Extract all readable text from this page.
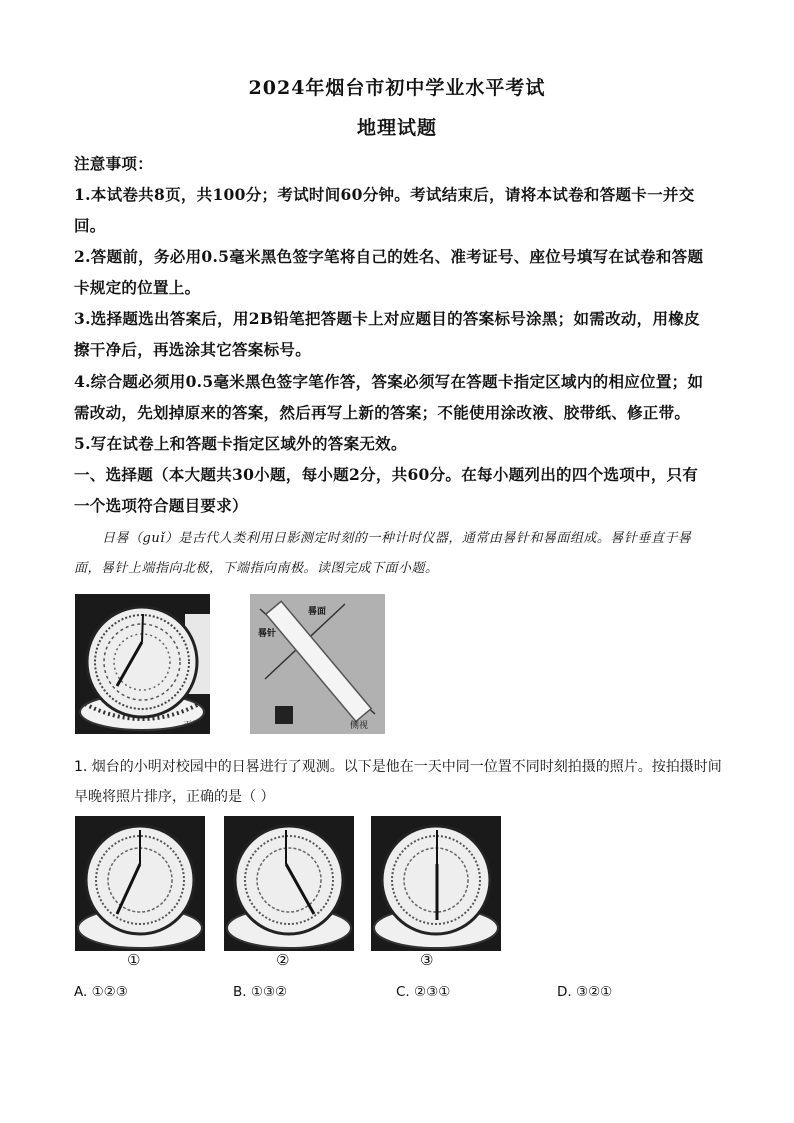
2024年烟台市初中学业水平考试
地理试题
注意事项：
1.本试卷共8页，共100分；考试时间60分钟。考试结束后，请将本试卷和答题卡一并交
回。
2.答题前，务必用0.5毫米黑色签字笔将自己的姓名、准考证号、座位号填写在试卷和答题
卡规定的位置上。
3.选择题选出答案后，用2B铅笔把答题卡上对应题目的答案标号涂黑；如需改动，用橡皮
擦干净后，再选涂其它答案标号。
4.综合题必须用0.5毫米黑色签字笔作答，答案必须写在答题卡指定区域内的相应位置；如
需改动，先划掉原来的答案，然后再写上新的答案；不能使用涂改液、胶带纸、修正带。
5.写在试卷上和答题卡指定区域外的答案无效。
一、选择题（本大题共30小题，每小题2分，共60分。在每小题列出的四个选项中，只有
一个选项符合题目要求）
日晷（guǐ）是古代人类利用日影测定时刻的一种计时仪器，通常由晷针和晷面组成。晷针垂直于晷
面，晷针上端指向北极，下端指向南极。读图完成下面小题。
正视
晷面
晷针
侧视
1. 烟台的小明对校园中的日晷进行了观测。以下是他在一天中同一位置不同时刻拍摄的照片。按拍摄时间
早晚将照片排序，正确的是（ ）
①	②	③
A. ①②③	B. ①③②	C. ②③①	D. ③②①
